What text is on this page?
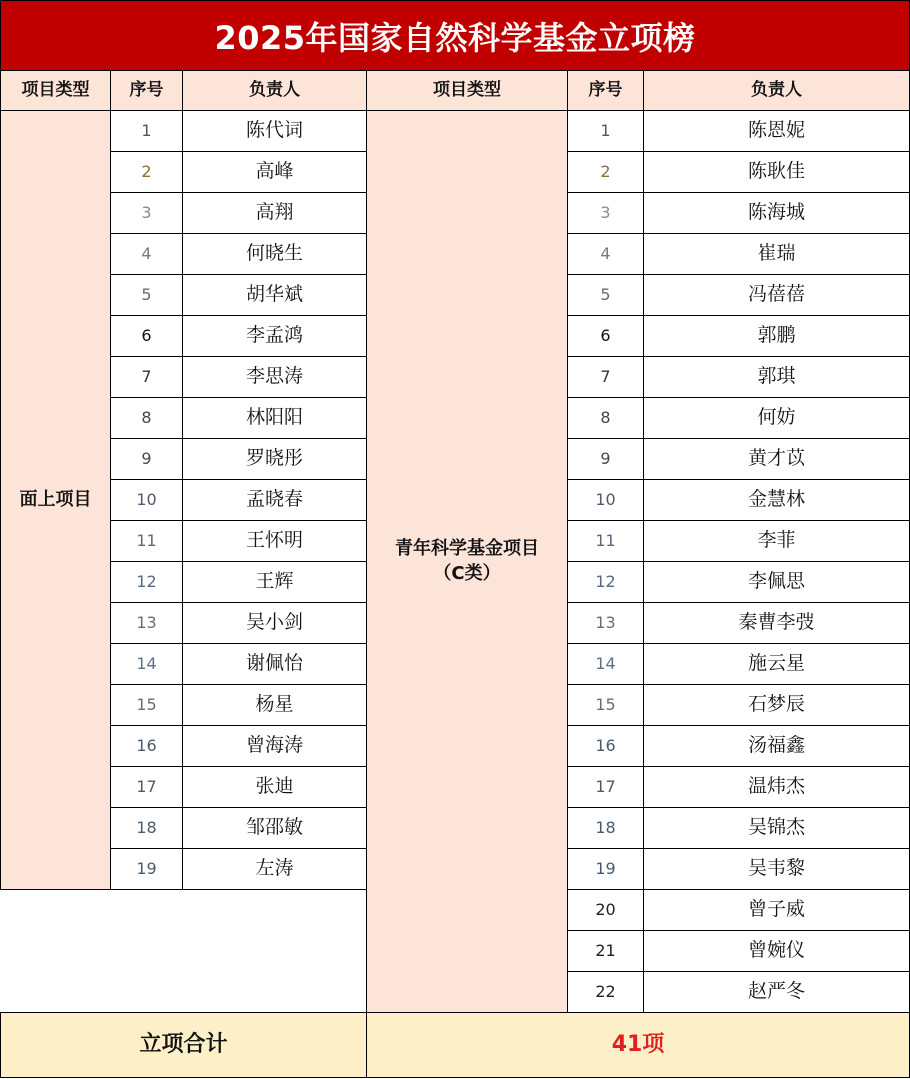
2025年国家自然科学基金立项榜
项目类型	序号	负责人	项目类型	序号	负责人
面上项目
1	陈代词
2	高峰
3	高翔
4	何晓生
5	胡华斌
6	李孟鸿
7	李思涛
8	林阳阳
9	罗晓彤
10	孟晓春
11	王怀明
12	王辉
13	吴小剑
14	谢佩怡
15	杨星
16	曾海涛
17	张迪
18	邹邵敏
19	左涛
青年科学基金项目
（C类）
1	陈恩妮
2	陈耿佳
3	陈海城
4	崔瑞
5	冯蓓蓓
6	郭鹏
7	郭琪
8	何妨
9	黄才苡
10	金慧林
11	李菲
12	李佩思
13	秦曹李弢
14	施云星
15	石梦辰
16	汤福鑫
17	温炜杰
18	吴锦杰
19	吴韦黎
20	曾子威
21	曾婉仪
22	赵严冬
立项合计	41项
